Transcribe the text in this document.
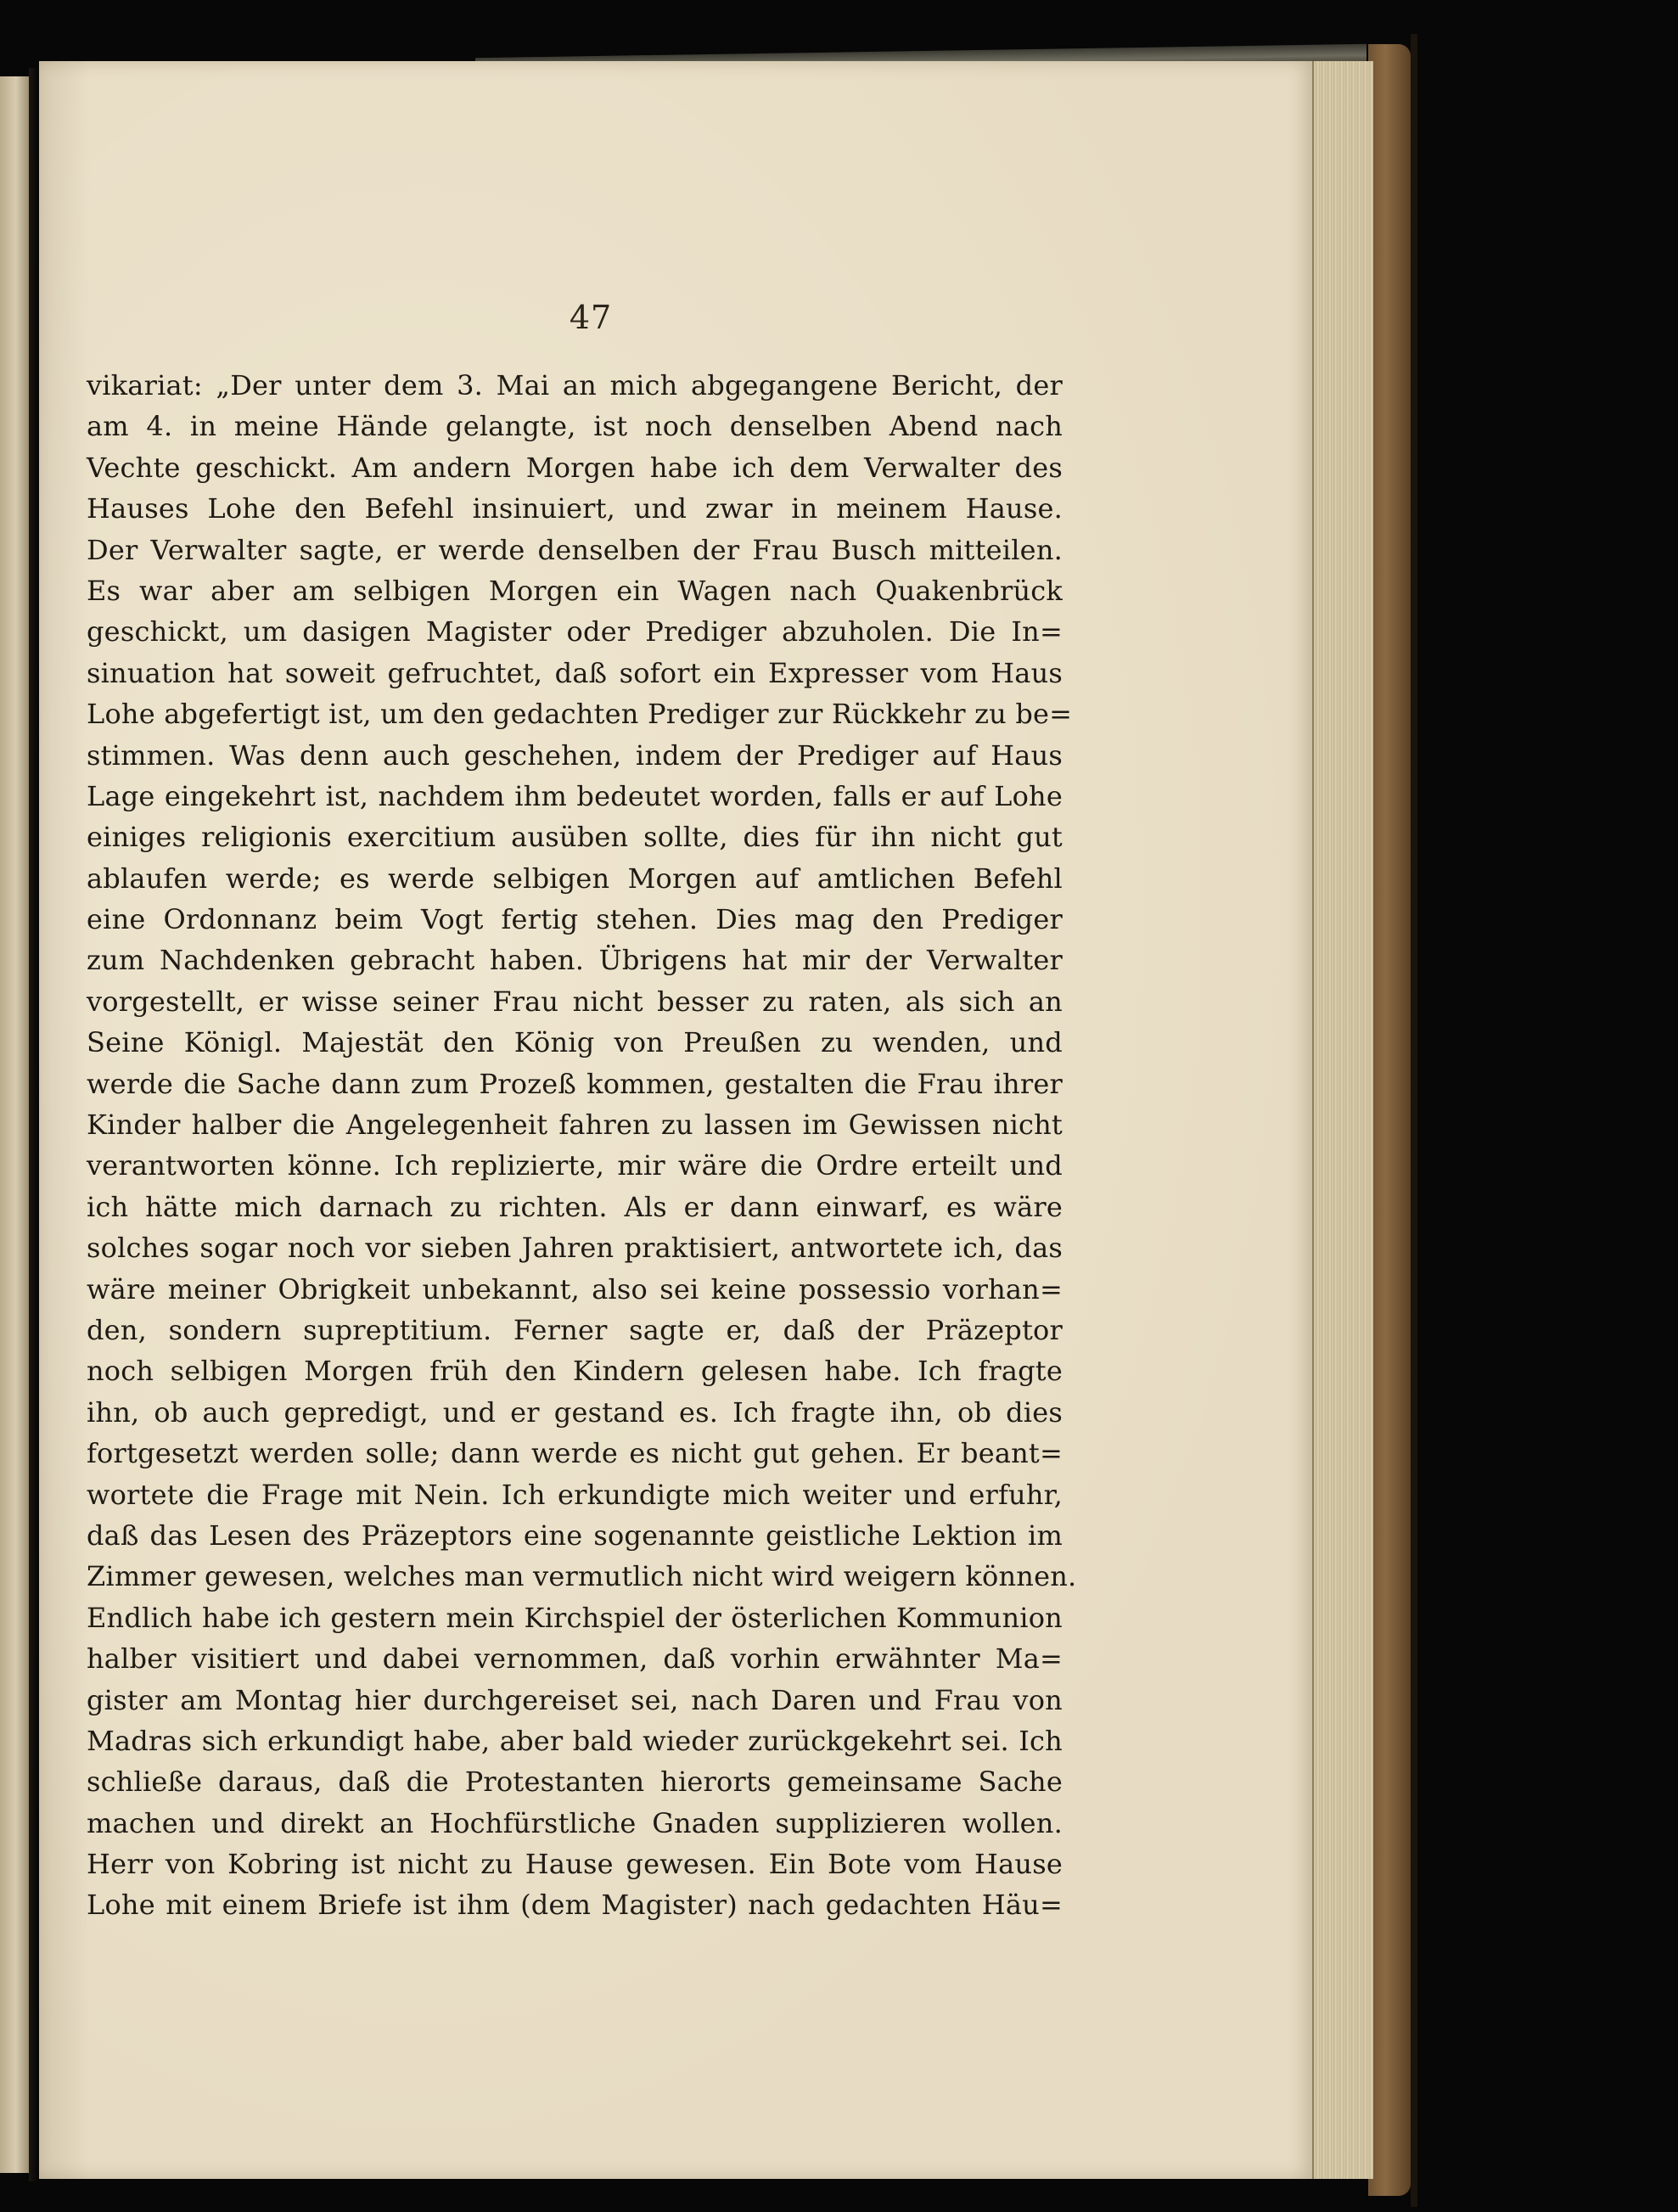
47
vikariat: „Der unter dem 3. Mai an mich abgegangene Bericht, der
am 4. in meine Hände gelangte, ist noch denselben Abend nach
Vechte geschickt. Am andern Morgen habe ich dem Verwalter des
Hauses Lohe den Befehl insinuiert, und zwar in meinem Hause.
Der Verwalter sagte, er werde denselben der Frau Busch mitteilen.
Es war aber am selbigen Morgen ein Wagen nach Quakenbrück
geschickt, um dasigen Magister oder Prediger abzuholen. Die In=
sinuation hat soweit gefruchtet, daß sofort ein Expresser vom Haus
Lohe abgefertigt ist, um den gedachten Prediger zur Rückkehr zu be=
stimmen. Was denn auch geschehen, indem der Prediger auf Haus
Lage eingekehrt ist, nachdem ihm bedeutet worden, falls er auf Lohe
einiges religionis exercitium ausüben sollte, dies für ihn nicht gut
ablaufen werde; es werde selbigen Morgen auf amtlichen Befehl
eine Ordonnanz beim Vogt fertig stehen. Dies mag den Prediger
zum Nachdenken gebracht haben. Übrigens hat mir der Verwalter
vorgestellt, er wisse seiner Frau nicht besser zu raten, als sich an
Seine Königl. Majestät den König von Preußen zu wenden, und
werde die Sache dann zum Prozeß kommen, gestalten die Frau ihrer
Kinder halber die Angelegenheit fahren zu lassen im Gewissen nicht
verantworten könne. Ich replizierte, mir wäre die Ordre erteilt und
ich hätte mich darnach zu richten. Als er dann einwarf, es wäre
solches sogar noch vor sieben Jahren praktisiert, antwortete ich, das
wäre meiner Obrigkeit unbekannt, also sei keine possessio vorhan=
den, sondern supreptitium. Ferner sagte er, daß der Präzeptor
noch selbigen Morgen früh den Kindern gelesen habe. Ich fragte
ihn, ob auch gepredigt, und er gestand es. Ich fragte ihn, ob dies
fortgesetzt werden solle; dann werde es nicht gut gehen. Er beant=
wortete die Frage mit Nein. Ich erkundigte mich weiter und erfuhr,
daß das Lesen des Präzeptors eine sogenannte geistliche Lektion im
Zimmer gewesen, welches man vermutlich nicht wird weigern können.
Endlich habe ich gestern mein Kirchspiel der österlichen Kommunion
halber visitiert und dabei vernommen, daß vorhin erwähnter Ma=
gister am Montag hier durchgereiset sei, nach Daren und Frau von
Madras sich erkundigt habe, aber bald wieder zurückgekehrt sei. Ich
schließe daraus, daß die Protestanten hierorts gemeinsame Sache
machen und direkt an Hochfürstliche Gnaden supplizieren wollen.
Herr von Kobring ist nicht zu Hause gewesen. Ein Bote vom Hause
Lohe mit einem Briefe ist ihm (dem Magister) nach gedachten Häu=
